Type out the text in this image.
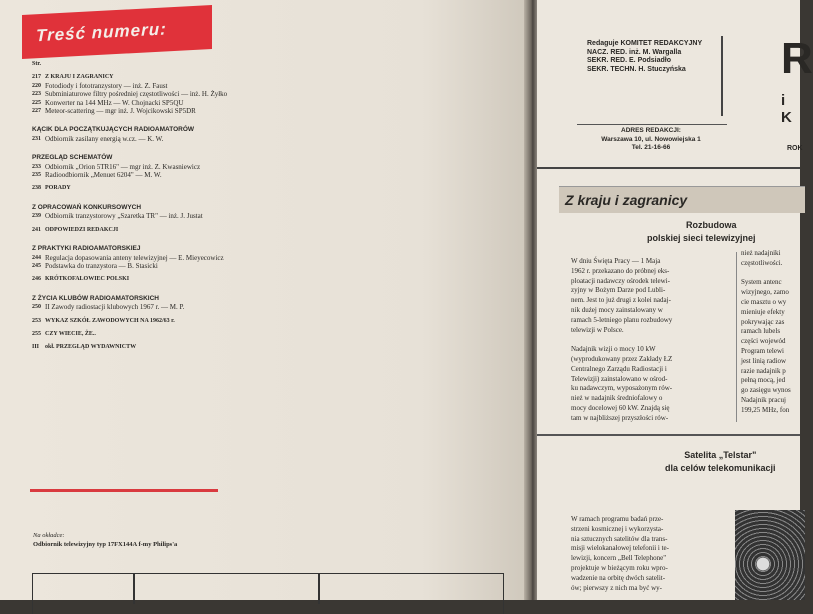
Treść numeru:
Str.
217 Z KRAJU I ZAGRANICY
220 Fotodiody i fototranzystory — inż. Z. Faust
223 Subminiaturowe filtry pośredniej częstotliwości — inż. H. Żyłko
225 Konwerter na 144 MHz — W. Chojnacki SP5QU
227 Meteor-scattering — mgr inż. J. Wojcikowski SP5DR
KĄCIK DLA POCZĄTKUJĄCYCH RADIOAMATORÓW
231 Odbiornik zasilany energią w.cz. — K. W.
PRZEGLĄD SCHEMATÓW
233 Odbiornik „Orion 5TR16" — mgr inż. Z. Kwasniewicz
235 Radioodbiornik „Menuet 6204" — M. W.
238 PORADY
Z OPRACOWAŃ KONKURSOWYCH
239 Odbiornik tranzystorowy „Szaretka TR" — inż. J. Justat
241 ODPOWIEDZI REDAKCJI
Z PRAKTYKI RADIOAMATORSKIEJ
244 Regulacja dopasowania anteny telewizyjnej — E. Mieyecowicz
245 Podstawka do tranzystora — B. Stasicki
246 KRÓTKOFALOWIEC POLSKI
Z ŻYCIA KLUBÓW RADIOAMATORSKICH
250 II Zawody radiostacji klubowych 1967 r. — M. P.
253 WYKAZ SZKÓŁ ZAWODOWYCH NA 1962/63 r.
255 CZY WIECIE, ŻE..
III okł. PRZEGLĄD WYDAWNICTW
Na okładce:
Odbiornik telewizyjny typ 17FX144A f-my Philips'a
Redaguje KOMITET REDAKCYJNY
NACZ. RED. inż. M. Wargalla
SEKR. RED. E. Podsiadło
SEKR. TECHN. H. Stuczyńska	R
i K
ROK
ADRES REDAKCJI:
Warszawa 10, ul. Nowowiejska 1
Tel. 21-16-66
Z kraju i zagranicy
Rozbudowa
polskiej sieci telewizyjnej
W dniu Święta Pracy — 1 Maja
1962 r. przekazano do próbnej eks-
ploatacji nadawczy ośrodek telewi-
zyjny w Bożym Darze pod Lubli-
nem. Jest to już drugi z kolei nadaj-
nik dużej mocy zainstalowany w
ramach 5-letniego planu rozbudowy
telewizji w Polsce.

Nadajnik wizji o mocy 10 kW
(wyprodukowany przez Zakłady ŁZ
Centralnego Zarządu Radiostacji i
Telewizji) zainstalowano w ośrod-
ku nadawczym, wyposażonym rów-
nież w nadajnik średniofalowy o
mocy docelowej 60 kW. Znajdą się
tam w najbliższej przyszłości rów-
nież nadajniki
częstotliwości.

System antenc
wizyjnego, zamo
cie masztu o wy
mieniuje efekty
pokrywając zas
ramach lubels
części wojewód
Program telewi
jest linią radiow
razie nadajnik p
pełną mocą, jed
go zasięgu wynos
Nadajnik pracuj
199,25 MHz, fon
Satelita „Telstar"
dla celów telekomunikacji
W ramach programu badań prze-
strzeni kosmicznej i wykorzysta-
nia sztucznych satelitów dla trans-
misji wielokanałowej telefonii i te-
lewizji, koncern „Bell Telephone"
projektuje w bieżącym roku wpro-
wadzenie na orbitę dwóch satelit-
ów; pierwszy z nich ma być wy-
